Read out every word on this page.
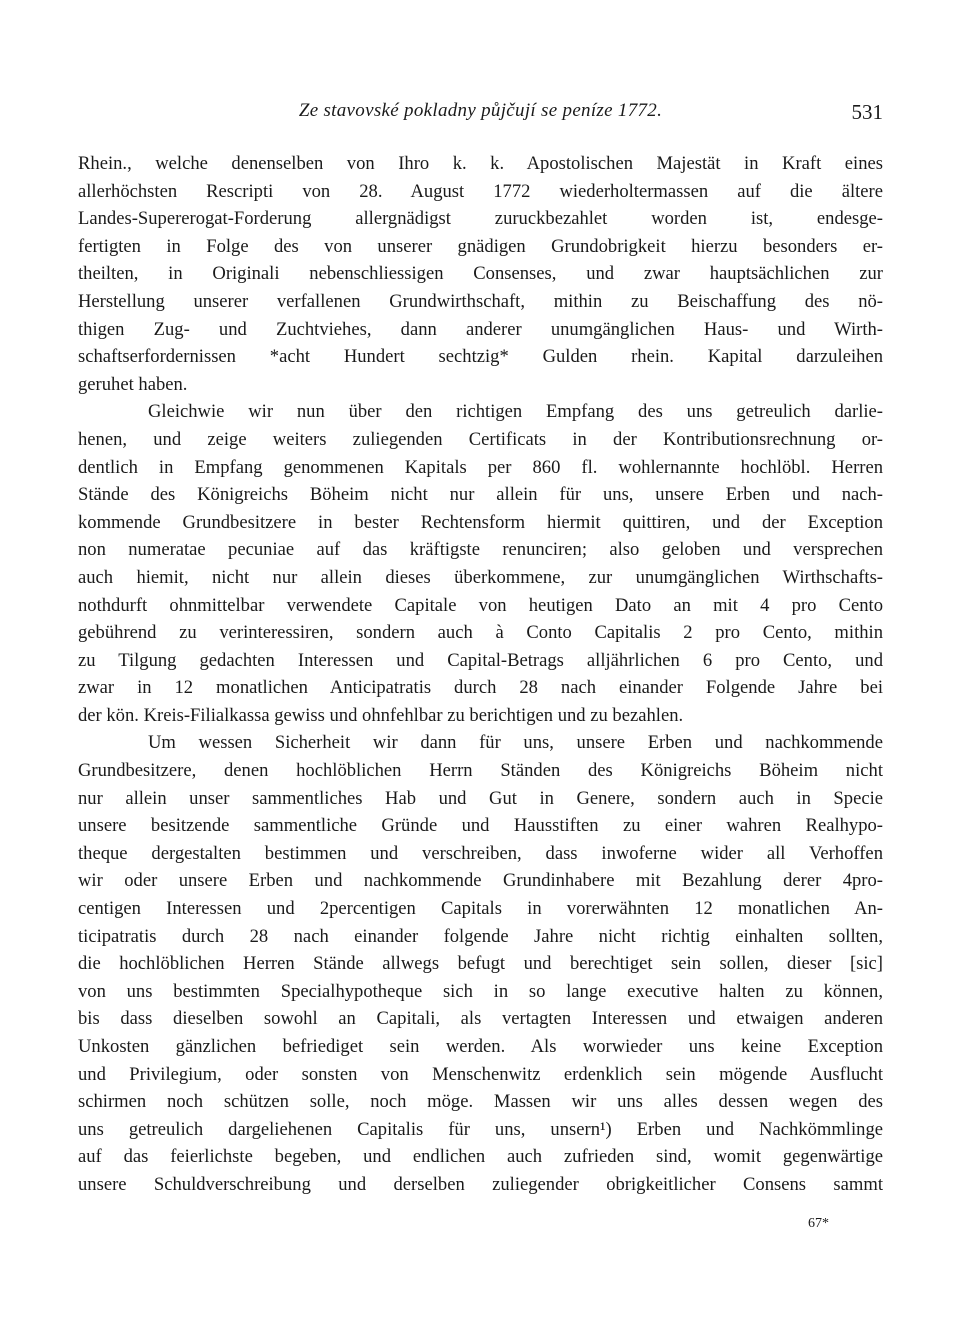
Ze stavovské pokladny půjčují se peníze 1772.	531
Rhein., welche denenselben von Ihro k. k. Apostolischen Majestät in Kraft eines
allerhöchsten Rescripti von 28. August 1772 wiederholtermassen auf die ältere
Landes-Supererogat-Forderung allergnädigst zuruckbezahlet worden ist, endesge-
fertigten in Folge des von unserer gnädigen Grundobrigkeit hierzu besonders er-
theilten, in Originali nebenschliessigen Consenses, und zwar hauptsächlichen zur
Herstellung unserer verfallenen Grundwirthschaft, mithin zu Beischaffung des nö-
thigen Zug- und Zuchtviehes, dann anderer unumgänglichen Haus- und Wirth-
schaftserfordernissen *acht Hundert sechtzig* Gulden rhein. Kapital darzuleihen
geruhet haben.
Gleichwie wir nun über den richtigen Empfang des uns getreulich darlie-
henen, und zeige weiters zuliegenden Certificats in der Kontributionsrechnung or-
dentlich in Empfang genommenen Kapitals per 860 fl. wohlernannte hochlöbl. Herren
Stände des Königreichs Böheim nicht nur allein für uns, unsere Erben und nach-
kommende Grundbesitzere in bester Rechtensform hiermit quittiren, und der Exception
non numeratae pecuniae auf das kräftigste renunciren; also geloben und versprechen
auch hiemit, nicht nur allein dieses überkommene, zur unumgänglichen Wirthschafts-
nothdurft ohnmittelbar verwendete Capitale von heutigen Dato an mit 4 pro Cento
gebührend zu verinteressiren, sondern auch à Conto Capitalis 2 pro Cento, mithin
zu Tilgung gedachten Interessen und Capital-Betrags alljährlichen 6 pro Cento, und
zwar in 12 monatlichen Anticipatratis durch 28 nach einander Folgende Jahre bei
der kön. Kreis-Filialkassa gewiss und ohnfehlbar zu berichtigen und zu bezahlen.
Um wessen Sicherheit wir dann für uns, unsere Erben und nachkommende
Grundbesitzere, denen hochlöblichen Herrn Ständen des Königreichs Böheim nicht
nur allein unser sammentliches Hab und Gut in Genere, sondern auch in Specie
unsere besitzende sammentliche Gründe und Hausstiften zu einer wahren Realhypo-
theque dergestalten bestimmen und verschreiben, dass inwoferne wider all Verhoffen
wir oder unsere Erben und nachkommende Grundinhabere mit Bezahlung derer 4pro-
centigen Interessen und 2percentigen Capitals in vorerwähnten 12 monatlichen An-
ticipatratis durch 28 nach einander folgende Jahre nicht richtig einhalten sollten,
die hochlöblichen Herren Stände allwegs befugt und berechtiget sein sollen, dieser [sic]
von uns bestimmten Specialhypotheque sich in so lange executive halten zu können,
bis dass dieselben sowohl an Capitali, als vertagten Interessen und etwaigen anderen
Unkosten gänzlichen befriediget sein werden. Als worwieder uns keine Exception
und Privilegium, oder sonsten von Menschenwitz erdenklich sein mögende Ausflucht
schirmen noch schützen solle, noch möge. Massen wir uns alles dessen wegen des
uns getreulich dargeliehenen Capitalis für uns, unsern¹) Erben und Nachkömmlinge
auf das feierlichste begeben, und endlichen auch zufrieden sind, womit gegenwärtige
unsere Schuldverschreibung und derselben zuliegender obrigkeitlicher Consens sammt
67*
